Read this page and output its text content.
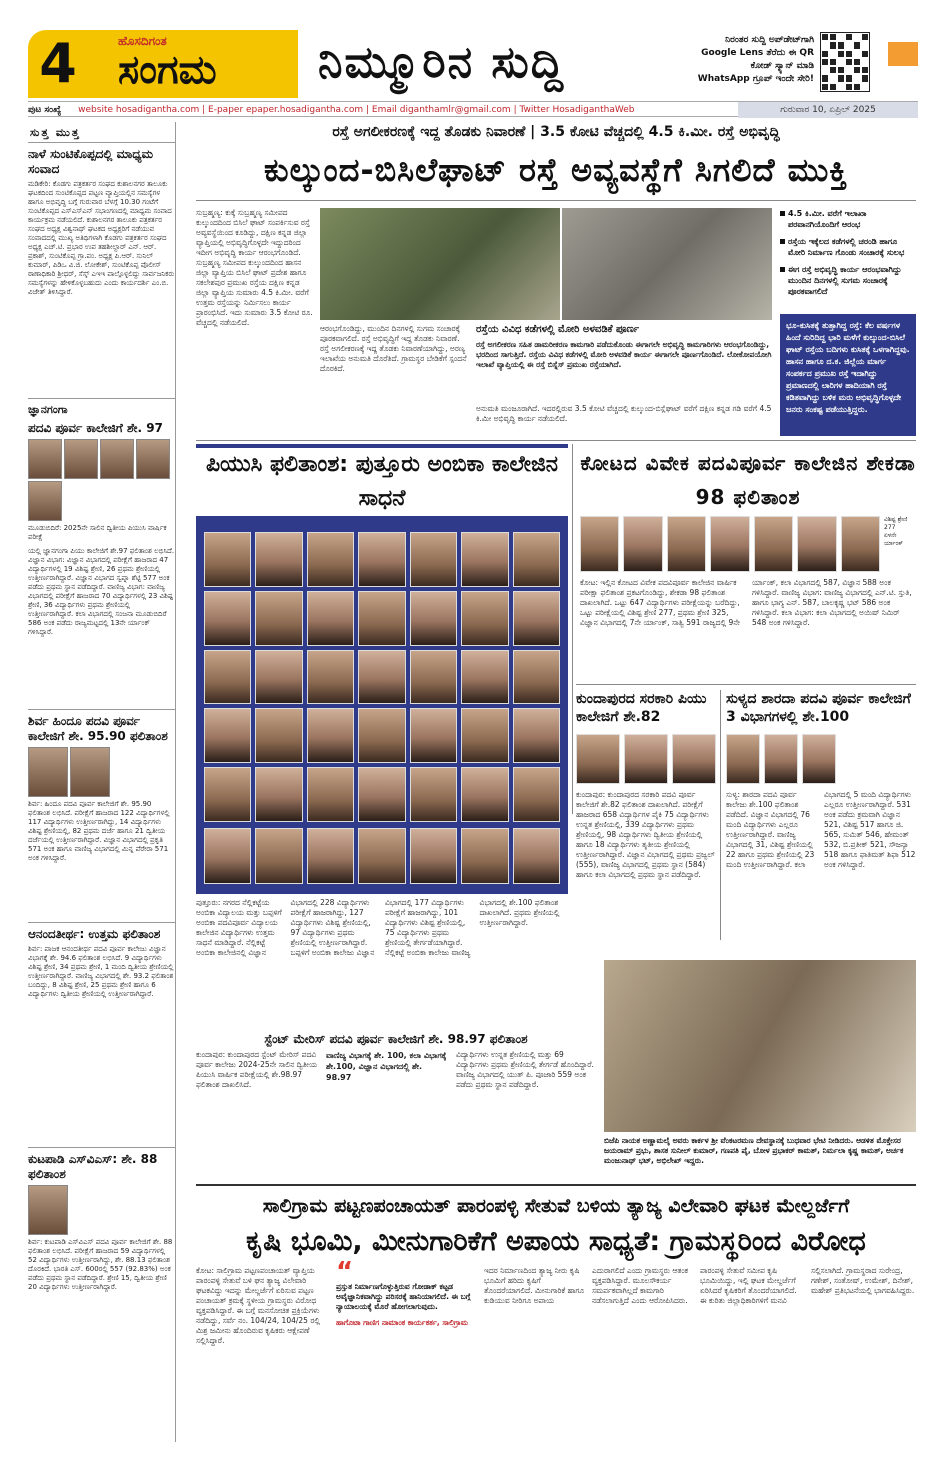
4	ಹೊಸದಿಗಂತ
ಸಂಗಮ ನಿಮ್ಮೂರಿನ ಸುದ್ದಿ	ನಿರಂತರ ಸುದ್ದಿ ಅಪ್‌ಡೇಟ್‌ಗಾಗಿ Google Lens ತೆರೆದು ಈ QR ಕೋಡ್ ಸ್ಕ್ಯಾನ್ ಮಾಡಿ WhatsApp ಗ್ರೂಪ್ ಇಂದೇ ಸೇರಿ!
ಪುಟ ಸಂಖ್ಯೆ website hosadigantha.com | E-paper epaper.hosadigantha.com | Email diganthamlr@gmail.com | Twitter HosadiganthaWeb	ಗುರುವಾರ 10, ಏಪ್ರಿಲ್ 2025
ಸುತ್ತ ಮುತ್ತ
ನಾಳೆ ಸುಂಟಿಕೊಪ್ಪದಲ್ಲಿ ಮಾಧ್ಯಮ ಸಂವಾದ
ಮಡಿಕೇರಿ: ಕೊಡಗು ಪತ್ರಕರ್ತರ ಸಂಘದ ಕುಶಾಲನಗರ ತಾಲೂಕು ಘಟಕದಿಂದ ಸುಂಟಿಕೊಪ್ಪದ ಪಟ್ಟಣ ವ್ಯಾಪ್ತಿಯಲ್ಲಿನ ಸಮಸ್ಯೆಗಳ ಹಾಗೂ ಅಭಿವೃದ್ಧಿ ಬಗ್ಗೆ ಗುರುವಾರ ಬೆಳಗ್ಗೆ 10.30 ಗಂಟೆಗೆ ಸುಂಟಿಕೊಪ್ಪದ ಎಸ್‌ಎಸ್‌ಎನ್ ಸಭಾಂಗಣದಲ್ಲಿ ಮಾಧ್ಯಮ ಸಂವಾದ ಕಾರ್ಯಕ್ರಮ ನಡೆಯಲಿದೆ. ಕುಶಾಲನಗರ ತಾಲೂಕು ಪತ್ರಕರ್ತರ ಸಂಘದ ಅಧ್ಯಕ್ಷ ವಿಶ್ವನಾಥ್ ಘಟಕದ ಅಧ್ಯಕ್ಷರಿಗೆ ನಡೆಯುವ ಸಂವಾದದಲ್ಲಿ ಮುಖ್ಯ ಅತಿಥಿಗಳಾಗಿ ಕೊಡಗು ಪತ್ರಕರ್ತರ ಸಂಘದ ಅಧ್ಯಕ್ಷ ಎಚ್.ಟಿ. ಪ್ರಭಾರ ಉಪ ತಹಶೀಲ್ದಾರ್ ಎನ್. ಆರ್. ಪ್ರಕಾಶ್, ಸುಂಟಿಕೊಪ್ಪ ಗ್ರಾ.ಪಂ. ಅಧ್ಯಕ್ಷ ಪಿ.ಆರ್. ಸುನಿಲ್ ಕುಮಾರ್, ಪಿಡಿಒ ವಿ.ಜಿ. ಲೋಕೇಶ್, ಸುಂಟಿಕೊಪ್ಪ ಪೊಲೀಸ್ ಠಾಣಾಧಿಕಾರಿ ಶ್ರೀಧರ್, ಸೆಸ್ಕ್ ಎಇಇ ಪಾಲ್ಗೊಳ್ಳಲಿದ್ದು ಸಾರ್ವಜನಿಕರು ಸಮಸ್ಯೆಗಳನ್ನು ಹೇಳಿಕೊಳ್ಳಬಹುದು ಎಂದು ಕಾರ್ಯದರ್ಶಿ ಎಂ.ಬಿ. ವಿಜೇತ್ ತಿಳಿಸಿದ್ದಾರೆ.
ಜ್ಞಾನಗಂಗಾ
ಪದವಿ ಪೂರ್ವ ಕಾಲೇಜಿಗೆ ಶೇ. 97
ಮೂಡುಬಿದಿರೆ: 2025ನೇ ಸಾಲಿನ ದ್ವಿತೀಯ ಪಿಯುಸಿ ವಾರ್ಷಿಕ ಪರೀಕ್ಷೆ
ಯಲ್ಲಿ ಜ್ಞಾನಗಂಗಾ ಪಿಯು ಕಾಲೇಜಿಗೆ ಶೇ.97 ಫಲಿತಾಂಶ ಲಭಿಸಿದೆ. ವಿಜ್ಞಾನ ವಿಭಾಗ: ವಿಜ್ಞಾನ ವಿಭಾಗದಲ್ಲಿ ಪರೀಕ್ಷೆಗೆ ಹಾಜರಾದ 47 ವಿದ್ಯಾರ್ಥಿಗಳಲ್ಲಿ 19 ವಿಶಿಷ್ಟ ಶ್ರೇಣಿ, 26 ಪ್ರಥಮ ಶ್ರೇಣಿಯಲ್ಲಿ ಉತ್ತೀರ್ಣರಾಗಿದ್ದಾರೆ. ವಿಜ್ಞಾನ ವಿಭಾಗದ ಸ್ವಪ್ನಾ ಶೆಟ್ಟಿ 577 ಅಂಕ ಪಡೆದು ಪ್ರಥಮ ಸ್ಥಾನ ಪಡೆದಿದ್ದಾರೆ. ವಾಣಿಜ್ಯ ವಿಭಾಗ: ವಾಣಿಜ್ಯ ವಿಭಾಗದಲ್ಲಿ ಪರೀಕ್ಷೆಗೆ ಹಾಜರಾದ 70 ವಿದ್ಯಾರ್ಥಿಗಳಲ್ಲಿ 23 ವಿಶಿಷ್ಟ ಶ್ರೇಣಿ, 36 ವಿದ್ಯಾರ್ಥಿಗಳು ಪ್ರಥಮ ಶ್ರೇಣಿಯಲ್ಲಿ ಉತ್ತೀರ್ಣರಾಗಿದ್ದಾರೆ. ಕಲಾ ವಿಭಾಗದಲ್ಲಿ ಸಂಜನಾ ಮೂಡುಬಿದಿರೆ 586 ಅಂಕ ಪಡೆದು ರಾಜ್ಯಮಟ್ಟದಲ್ಲಿ 13ನೇ ರ್ಯಾಂಕ್ ಗಳಿಸಿದ್ದಾರೆ.
ಶಿರ್ವ ಹಿಂದೂ ಪದವಿ ಪೂರ್ವ ಕಾಲೇಜಿಗೆ ಶೇ. 95.90 ಫಲಿತಾಂಶ
ಶಿರ್ವ: ಹಿಂದೂ ಪದವಿ ಪೂರ್ವ ಕಾಲೇಜಿಗೆ ಶೇ. 95.90 ಫಲಿತಾಂಶ ಲಭಿಸಿದೆ. ಪರೀಕ್ಷೆಗೆ ಹಾಜರಾದ 122 ವಿದ್ಯಾರ್ಥಿಗಳಲ್ಲಿ 117 ವಿದ್ಯಾರ್ಥಿಗಳು ಉತ್ತೀರ್ಣರಾಗಿದ್ದು, 14 ವಿದ್ಯಾರ್ಥಿಗಳು ವಿಶಿಷ್ಟ ಶ್ರೇಣಿಯಲ್ಲಿ, 82 ಪ್ರಥಮ ದರ್ಜೆ ಹಾಗೂ 21 ದ್ವಿತೀಯ ದರ್ಜೆಯಲ್ಲಿ ಉತ್ತೀರ್ಣರಾಗಿದ್ದಾರೆ. ವಿಜ್ಞಾನ ವಿಭಾಗದಲ್ಲಿ ಪ್ರಕೃತಿ 571 ಅಂಕ ಹಾಗೂ ವಾಣಿಜ್ಯ ವಿಭಾಗದಲ್ಲಿ ಮಿನ್ನ ಪೆರೇರಾ 571 ಅಂಕ ಗಳಿಸಿದ್ದಾರೆ.
ಆನಂದತೀರ್ಥ: ಉತ್ತಮ ಫಲಿತಾಂಶ
ಶಿರ್ವ: ಪಾಜಕ ಆನಂದತೀರ್ಥ ಪದವಿ ಪೂರ್ವ ಕಾಲೇಜು ವಿಜ್ಞಾನ ವಿಭಾಗಕ್ಕೆ ಶೇ. 94.6 ಫಲಿತಾಂಶ ಲಭಿಸಿದೆ. 9 ವಿದ್ಯಾರ್ಥಿಗಳು ವಿಶಿಷ್ಟ ಶ್ರೇಣಿ, 34 ಪ್ರಥಮ ಶ್ರೇಣಿ, 1 ಮಂದಿ ದ್ವಿತೀಯ ಶ್ರೇಣಿಯಲ್ಲಿ ಉತ್ತೀರ್ಣರಾಗಿದ್ದಾರೆ. ವಾಣಿಜ್ಯ ವಿಭಾಗದಲ್ಲಿ ಶೇ. 93.2 ಫಲಿತಾಂಶ ಬಂದಿದ್ದು, 8 ವಿಶಿಷ್ಟ ಶ್ರೇಣಿ, 25 ಪ್ರಥಮ ಶ್ರೇಣಿ ಹಾಗೂ 6 ವಿದ್ಯಾರ್ಥಿಗಳು ದ್ವಿತೀಯ ಶ್ರೇಣಿಯಲ್ಲಿ ಉತ್ತೀರ್ಣರಾಗಿದ್ದಾರೆ.
ಕುಟಪಾಡಿ ಎಸ್‌ವಿಎಸ್: ಶೇ. 88 ಫಲಿತಾಂಶ
ಶಿರ್ವ: ಕುಟಪಾಡಿ ಎಸ್‌ವಿಎಸ್ ಪದವಿ ಪೂರ್ವ ಕಾಲೇಜಿಗೆ ಶೇ. 88 ಫಲಿತಾಂಶ ಲಭಿಸಿದೆ. ಪರೀಕ್ಷೆಗೆ ಹಾಜರಾದ 59 ವಿದ್ಯಾರ್ಥಿಗಳಲ್ಲಿ 52 ವಿದ್ಯಾರ್ಥಿಗಳು ಉತ್ತೀರ್ಣರಾಗಿದ್ದು, ಶೇ. 88.13 ಫಲಿತಾಂಶ ದೊರಕಿದೆ. ಭಾರತಿ ಎಸ್. 600ರಲ್ಲಿ 557 (92.83%) ಅಂಕ ಪಡೆದು ಪ್ರಥಮ ಸ್ಥಾನ ಪಡೆದಿದ್ದಾರೆ. ಶ್ರೇಣಿ 15, ದ್ವಿತೀಯ ಶ್ರೇಣಿ 20 ವಿದ್ಯಾರ್ಥಿಗಳು ಉತ್ತೀರ್ಣರಾಗಿದ್ದಾರೆ.
ರಸ್ತೆ ಅಗಲೀಕರಣಕ್ಕೆ ಇದ್ದ ತೊಡಕು ನಿವಾರಣೆ | 3.5 ಕೋಟಿ ವೆಚ್ಚದಲ್ಲಿ 4.5 ಕಿ.ಮೀ. ರಸ್ತೆ ಅಭಿವೃದ್ಧಿ
ಕುಲ್ಕುಂದ-ಬಿಸಿಲೆಘಾಟ್ ರಸ್ತೆ ಅವ್ಯವಸ್ಥೆಗೆ ಸಿಗಲಿದೆ ಮುಕ್ತಿ
ಸುಬ್ರಹ್ಮಣ್ಯ: ಕುಕ್ಕೆ ಸುಬ್ರಹ್ಮಣ್ಯ ಸಮೀಪದ ಕುಲ್ಕುಂದದಿಂದ ಬಿಸಿಲೆ ಘಾಟ್ ಸಂಪರ್ಕಿಸುವ ರಸ್ತೆ ಅವ್ಯವಸ್ಥೆಯಿಂದ ಕೂಡಿದ್ದು, ದಕ್ಷಿಣ ಕನ್ನಡ ಜಿಲ್ಲಾ ವ್ಯಾಪ್ತಿಯಲ್ಲಿ ಅಭಿವೃದ್ಧಿಗೊಳ್ಳದೇ ಇದ್ದುದರಿಂದ ಇದೀಗ ಅಭಿವೃದ್ಧಿ ಕಾರ್ಯ ಆರಂಭಗೊಂಡಿದೆ. ಸುಬ್ರಹ್ಮಣ್ಯ ಸಮೀಪದ ಕುಲ್ಕುಂದದಿಂದ ಹಾಸನ ಜಿಲ್ಲಾ ವ್ಯಾಪ್ತಿಯ ಬಿಸಿಲೆ ಘಾಟ್ ಪ್ರದೇಶ ಹಾಗೂ ಸಕಲೇಶಪುರ ಪ್ರಮುಖ ರಸ್ತೆಯ ದಕ್ಷಿಣ ಕನ್ನಡ ಜಿಲ್ಲಾ ವ್ಯಾಪ್ತಿಯ ಸುಮಾರು 4.5 ಕಿ.ಮೀ. ವರೆಗೆ ಉತ್ತಮ ರಸ್ತೆಯನ್ನು ನಿರ್ಮಿಸಲು ಕಾರ್ಯ ಪ್ರಾರಂಭಿಸಿದೆ. ಇದು ಸುಮಾರು 3.5 ಕೋಟಿ ರೂ. ವೆಚ್ಚದಲ್ಲಿ ನಡೆಯಲಿದೆ.
ಆರಂಭಗೊಂಡಿದ್ದು, ಮುಂದಿನ ದಿನಗಳಲ್ಲಿ ಸುಗಮ ಸಂಚಾರಕ್ಕೆ ಪೂರಕವಾಗಲಿದೆ. ರಸ್ತೆ ಅಭಿವೃದ್ಧಿಗೆ ಇದ್ದ ತೊಡಕು ನಿವಾರಣೆ. ರಸ್ತೆ ಅಗಲೀಕರಣಕ್ಕೆ ಇದ್ದ ತೊಡಕು ನಿವಾರಣೆಯಾಗಿದ್ದು, ಅರಣ್ಯ ಇಲಾಖೆಯ ಅನುಮತಿ ದೊರೆತಿದೆ. ಗ್ರಾಮಸ್ಥರ ಬೇಡಿಕೆಗೆ ಸ್ಪಂದನೆ ದೊರಕಿದೆ.
ರಸ್ತೆಯ ವಿವಿಧ ಕಡೆಗಳಲ್ಲಿ ಮೋರಿ ಅಳವಡಿಕೆ ಪೂರ್ಣ
ರಸ್ತೆ ಅಗಲೀಕರಣ ಸಹಿತ ಡಾಮರೀಕರಣ ಕಾಮಗಾರಿ ಪಡೆದುಕೊಂಡು ಈಗಾಗಲೇ ಅಭಿವೃದ್ಧಿ ಕಾಮಗಾರಿಗಳು ಆರಂಭಗೊಂಡಿದ್ದು, ಭರದಿಂದ ಸಾಗುತ್ತಿದೆ. ರಸ್ತೆಯ ವಿವಿಧ ಕಡೆಗಳಲ್ಲಿ ಮೋರಿ ಅಳವಡಿಕೆ ಕಾರ್ಯ ಈಗಾಗಲೇ ಪೂರ್ಣಗೊಂಡಿದೆ. ಲೋಕೋಪಯೋಗಿ ಇಲಾಖೆ ವ್ಯಾಪ್ತಿಯಲ್ಲಿ ಈ ರಸ್ತೆ ಬಿಸ್ನೆಸ್ ಪ್ರಮುಖ ರಸ್ತೆಯಾಗಿದೆ.
ಅನುಮತಿ ಮಂಜೂರಾಗಿದೆ. ಇದರಲ್ಲಿರುವ 3.5 ಕೋಟಿ ವೆಚ್ಚದಲ್ಲಿ ಕುಲ್ಕುಂದ-ಬಿಸ್ಲೆಘಾಟ್ ವರೆಗೆ ದಕ್ಷಿಣ ಕನ್ನಡ ಗಡಿ ವರೆಗೆ 4.5 ಕಿ.ಮೀ ಅಭಿವೃದ್ಧಿ ಕಾರ್ಯ ನಡೆಯಲಿದೆ.
4.5 ಕಿ.ಮೀ. ವರೆಗೆ ಇಲಾಖಾ ಪರವಾನಗಿಯೊಂದಿಗೆ ಆರಂಭ
ರಸ್ತೆಯ ಇಕ್ಕೆಲದ ಕಡೆಗಳಲ್ಲಿ ಚರಂಡಿ ಹಾಗೂ ಮೋರಿ ನಿರ್ಮಾಣ ಗೊಂಡು ಸಂಚಾರಕ್ಕೆ ಸುಲಭ
ಈಗ ರಸ್ತೆ ಅಭಿವೃದ್ಧಿ ಕಾರ್ಯ ಆರಂಭವಾಗಿದ್ದು ಮುಂದಿನ ದಿನಗಳಲ್ಲಿ ಸುಗಮ ಸಂಚಾರಕ್ಕೆ ಪೂರಕವಾಗಲಿದೆ
ಭೂ-ಕುಸಿತಕ್ಕೆ ತುತ್ತಾಗಿದ್ದ ರಸ್ತೆ: ಕೆಲ ವರ್ಷಗಳ ಹಿಂದೆ ಸುರಿದಿದ್ದ ಭಾರಿ ಮಳೆಗೆ ಕುಲ್ಕುಂದ-ಬಿಸಿಲೆ ಘಾಟ್ ರಸ್ತೆಯ ಬದಿಗಳು ಕುಸಿತಕ್ಕೆ ಒಳಗಾಗಿದ್ದವು. ಹಾಸನ ಹಾಗೂ ದ.ಕ. ಜಿಲ್ಲೆಯ ಮಾರ್ಗ ಸಂಪರ್ಕದ ಪ್ರಮುಖ ರಸ್ತೆ ಇದಾಗಿದ್ದು ಪ್ರಮಾಣದಲ್ಲಿ ಲಾರಿಗಳ ಹಾದಿಯಾಗಿ ರಸ್ತೆ ಕಡಿತವಾಗಿದ್ದು ಬಳಿಕ ಮರು ಅಭಿವೃದ್ಧಿಗೊಳ್ಳದೇ ಜನರು ಸಂಕಷ್ಟ ಪಡೆಯುತ್ತಿದ್ದರು.
ಪಿಯುಸಿ ಫಲಿತಾಂಶ: ಪುತ್ತೂರು ಅಂಬಿಕಾ ಕಾಲೇಜಿನ ಸಾಧನೆ
ಪುತ್ತೂರು: ನಗರದ ನೆಲ್ಲಿಕಟ್ಟೆಯ ಅಂಬಿಕಾ ವಿದ್ಯಾಲಯ ಮತ್ತು ಬಪ್ಪಳಿಗೆ ಅಂಬಿಕಾ ಪದವಿಪೂರ್ವ ವಿದ್ಯಾಲಯ ಕಾಲೇಜಿನ ವಿದ್ಯಾರ್ಥಿಗಳು ಉತ್ತಮ ಸಾಧನೆ ಮಾಡಿದ್ದಾರೆ. ನೆಲ್ಲಿಕಟ್ಟೆ ಅಂಬಿಕಾ ಕಾಲೇಜಿನಲ್ಲಿ ವಿಜ್ಞಾನ ವಿಭಾಗದಲ್ಲಿ 228 ವಿದ್ಯಾರ್ಥಿಗಳು ಪರೀಕ್ಷೆಗೆ ಹಾಜರಾಗಿದ್ದು, 127 ವಿದ್ಯಾರ್ಥಿಗಳು ವಿಶಿಷ್ಟ ಶ್ರೇಣಿಯಲ್ಲಿ, 97 ವಿದ್ಯಾರ್ಥಿಗಳು ಪ್ರಥಮ ಶ್ರೇಣಿಯಲ್ಲಿ ಉತ್ತೀರ್ಣರಾಗಿದ್ದಾರೆ. ಬಪ್ಪಳಿಗೆ ಅಂಬಿಕಾ ಕಾಲೇಜು ವಿಜ್ಞಾನ ವಿಭಾಗದಲ್ಲಿ 177 ವಿದ್ಯಾರ್ಥಿಗಳು ಪರೀಕ್ಷೆಗೆ ಹಾಜರಾಗಿದ್ದು, 101 ವಿದ್ಯಾರ್ಥಿಗಳು ವಿಶಿಷ್ಟ ಶ್ರೇಣಿಯಲ್ಲಿ, 75 ವಿದ್ಯಾರ್ಥಿಗಳು ಪ್ರಥಮ ಶ್ರೇಣಿಯಲ್ಲಿ ತೇರ್ಗಡೆಯಾಗಿದ್ದಾರೆ. ನೆಲ್ಲಿಕಟ್ಟೆ ಅಂಬಿಕಾ ಕಾಲೇಜು ವಾಣಿಜ್ಯ ವಿಭಾಗದಲ್ಲಿ ಶೇ.100 ಫಲಿತಾಂಶ ದಾಖಲಾಗಿದೆ. ಪ್ರಥಮ ಶ್ರೇಣಿಯಲ್ಲಿ ಉತ್ತೀರ್ಣರಾಗಿದ್ದಾರೆ.
ಕೋಟದ ವಿವೇಕ ಪದವಿಪೂರ್ವ ಕಾಲೇಜಿನ ಶೇಕಡಾ 98 ಫಲಿತಾಂಶ
ವಿಶಿಷ್ಟ ಶ್ರೇಣಿ 277
ಏಳನೇ ರ್ಯಾಂಕ್
ಕೋಟ: ಇಲ್ಲಿನ ಕೋಟದ ವಿವೇಕ ಪದವಿಪೂರ್ವ ಕಾಲೇಜಿನ ವಾರ್ಷಿಕ ಪರೀಕ್ಷಾ ಫಲಿತಾಂಶ ಪ್ರಕಟಗೊಂಡಿದ್ದು, ಶೇಕಡಾ 98 ಫಲಿತಾಂಶ ದಾಖಲಾಗಿದೆ. ಒಟ್ಟು 647 ವಿದ್ಯಾರ್ಥಿಗಳು ಪರೀಕ್ಷೆಯನ್ನು ಬರೆದಿದ್ದು, ಒಟ್ಟು ಪರೀಕ್ಷೆಯಲ್ಲಿ ವಿಶಿಷ್ಟ ಶ್ರೇಣಿ 277, ಪ್ರಥಮ ಶ್ರೇಣಿ 325, ವಿಜ್ಞಾನ ವಿಭಾಗದಲ್ಲಿ 7ನೇ ರ್ಯಾಂಕ್, ಸಾತ್ವಿ 591 ರಾಜ್ಯದಲ್ಲಿ 9ನೇ ರ್ಯಾಂಕ್, ಕಲಾ ವಿಭಾಗದಲ್ಲಿ 587, ವಿಜ್ಞಾನ 588 ಅಂಕ ಗಳಿಸಿದ್ದಾರೆ. ವಾಣಿಜ್ಯ ವಿಭಾಗ: ವಾಣಿಜ್ಯ ವಿಭಾಗದಲ್ಲಿ ಎನ್.ಟಿ. ಸ್ತುತಿ, ಹಾಗೂ ಭಾಗ್ಯ ಎನ್. 587, ಬಾಲಕೃಷ್ಣ ಭಟ್ 586 ಅಂಕ ಗಳಿಸಿದ್ದಾರೆ. ಕಲಾ ವಿಭಾಗ: ಕಲಾ ವಿಭಾಗದಲ್ಲಿ ಅಯಿಷ್ ನಿಮಿರ್ 548 ಅಂಕ ಗಳಿಸಿದ್ದಾರೆ.
ಕುಂದಾಪುರದ ಸರಕಾರಿ ಪಿಯು ಕಾಲೇಜಿಗೆ ಶೇ.82
ಕುಂದಾಪುರ: ಕುಂದಾಪುರದ ಸರಕಾರಿ ಪದವಿ ಪೂರ್ವ ಕಾಲೇಜಿಗೆ ಶೇ.82 ಫಲಿತಾಂಶ ದಾಖಲಾಗಿದೆ. ಪರೀಕ್ಷೆಗೆ ಹಾಜರಾದ 658 ವಿದ್ಯಾರ್ಥಿಗಳ ಪೈಕಿ 75 ವಿದ್ಯಾರ್ಥಿಗಳು ಉನ್ನತ ಶ್ರೇಣಿಯಲ್ಲಿ, 339 ವಿದ್ಯಾರ್ಥಿಗಳು ಪ್ರಥಮ ಶ್ರೇಣಿಯಲ್ಲಿ, 98 ವಿದ್ಯಾರ್ಥಿಗಳು ದ್ವಿತೀಯ ಶ್ರೇಣಿಯಲ್ಲಿ ಹಾಗೂ 18 ವಿದ್ಯಾರ್ಥಿಗಳು ತೃತೀಯ ಶ್ರೇಣಿಯಲ್ಲಿ ಉತ್ತೀರ್ಣರಾಗಿದ್ದಾರೆ. ವಿಜ್ಞಾನ ವಿಭಾಗದಲ್ಲಿ ಪ್ರಥಮ ಪ್ರಜ್ವಲ್ (555), ವಾಣಿಜ್ಯ ವಿಭಾಗದಲ್ಲಿ ಪ್ರಥಮ ಸ್ಥಾನ (584) ಹಾಗೂ ಕಲಾ ವಿಭಾಗದಲ್ಲಿ ಪ್ರಥಮ ಸ್ಥಾನ ಪಡೆದಿದ್ದಾರೆ.
ಸುಳ್ಯದ ಶಾರದಾ ಪದವಿ ಪೂರ್ವ ಕಾಲೇಜಿಗೆ 3 ವಿಭಾಗಗಳಲ್ಲಿ ಶೇ.100
ಸುಳ್ಯ: ಶಾರದಾ ಪದವಿ ಪೂರ್ವ ಕಾಲೇಜು ಶೇ.100 ಫಲಿತಾಂಶ ಪಡೆದಿದೆ. ವಿಜ್ಞಾನ ವಿಭಾಗದಲ್ಲಿ 76 ಮಂದಿ ವಿದ್ಯಾರ್ಥಿಗಳು ಎಲ್ಲರೂ ಉತ್ತೀರ್ಣರಾಗಿದ್ದಾರೆ. ವಾಣಿಜ್ಯ ವಿಭಾಗದಲ್ಲಿ 31, ವಿಶಿಷ್ಟ ಶ್ರೇಣಿಯಲ್ಲಿ 22 ಹಾಗೂ ಪ್ರಥಮ ಶ್ರೇಣಿಯಲ್ಲಿ 23 ಮಂದಿ ಉತ್ತೀರ್ಣರಾಗಿದ್ದಾರೆ. ಕಲಾ ವಿಭಾಗದಲ್ಲಿ 5 ಮಂದಿ ವಿದ್ಯಾರ್ಥಿಗಳು ಎಲ್ಲರೂ ಉತ್ತೀರ್ಣರಾಗಿದ್ದಾರೆ. 531 ಅಂಕ ಪಡೆದು ಕ್ರಮವಾಗಿ ವಿಜ್ಞಾನ 521, ವಿಶಿಷ್ಟ 517 ಹಾಗೂ ಜಿ. 565, ಸುಮಿತ್ 546, ಹೇಮಂತ್ 532, ಬಿ.ಪ್ರತೀಕ್ 521, ಸೌಜನ್ಯಾ 518 ಹಾಗೂ ಫಾತಿಮತ್ ಶಿಫಾ 512 ಅಂಕ ಗಳಿಸಿದ್ದಾರೆ.
ಬಿಜೆಪಿ ನಾಯಕ ಅಣ್ಣಾಮಲೈ ಅವರು ಕಾರ್ಕಳ ಶ್ರೀ ವೆಂಕಟರಮಣ ದೇವಸ್ಥಾನಕ್ಕೆ ಬುಧವಾರ ಭೇಟಿ ನೀಡಿದರು. ಆಡಳಿತ ಮೊಕ್ತೇಸರ ಜಯರಾಮ್ ಪ್ರಭು, ಶಾಸಕ ಸುನೀಲ್ ಕುಮಾರ್, ಗಣಪತಿ ಪೈ, ಬೋಳ ಪ್ರಭಾಕರ್ ಕಾಮತ್, ನಿರ್ಮಲಾ ಕೃಷ್ಣ ಕಾಮತ್, ಅರ್ಚಕ ಮಂಜುನಾಥ್ ಭಟ್, ಅಭಿಲೇಖ್ ಇದ್ದರು.
ಸ್ಟೆಂಟ್ ಮೇರಿಸ್ ಪದವಿ ಪೂರ್ವ ಕಾಲೇಜಿಗೆ ಶೇ. 98.97 ಫಲಿತಾಂಶ
ಕುಂದಾಪುರ: ಕುಂದಾಪುರದ ಸ್ಟೆಂಟ್ ಮೇರಿಸ್ ಪದವಿ ಪೂರ್ವ ಕಾಲೇಜು 2024-25ನೇ ಸಾಲಿನ ದ್ವಿತೀಯ ಪಿಯುಸಿ ವಾರ್ಷಿಕ ಪರೀಕ್ಷೆಯಲ್ಲಿ ಶೇ.98.97 ಫಲಿತಾಂಶ ದಾಖಲಿಸಿದೆ.
ವಾಣಿಜ್ಯ ವಿಭಾಗಕ್ಕೆ ಶೇ. 100, ಕಲಾ ವಿಭಾಗಕ್ಕೆ ಶೇ.100, ವಿಜ್ಞಾನ ವಿಭಾಗದಲ್ಲಿ ಶೇ. 98.97
ವಿದ್ಯಾರ್ಥಿಗಳು ಉನ್ನತ ಶ್ರೇಣಿಯಲ್ಲಿ ಮತ್ತು 69 ವಿದ್ಯಾರ್ಥಿಗಳು ಪ್ರಥಮ ಶ್ರೇಣಿಯಲ್ಲಿ ತೇರ್ಗಡೆ ಹೊಂದಿದ್ದಾರೆ. ವಾಣಿಜ್ಯ ವಿಭಾಗದಲ್ಲಿ ಯುತ್ ಪಿ. ಪೂಜಾರಿ 559 ಅಂಕ ಪಡೆದು ಪ್ರಥಮ ಸ್ಥಾನ ಪಡೆದಿದ್ದಾರೆ.
ಸಾಲಿಗ್ರಾಮ ಪಟ್ಟಣಪಂಚಾಯತ್ ಪಾರಂಪಳ್ಳಿ ಸೇತುವೆ ಬಳಿಯ ತ್ಯಾಜ್ಯ ವಿಲೇವಾರಿ ಘಟಕ ಮೇಲ್ದರ್ಜೆಗೆ
ಕೃಷಿ ಭೂಮಿ, ಮೀನುಗಾರಿಕೆಗೆ ಅಪಾಯ ಸಾಧ್ಯತೆ: ಗ್ರಾಮಸ್ಥರಿಂದ ವಿರೋಧ
ಕೋಟ: ಸಾಲಿಗ್ರಾಮ ಪಟ್ಟಣಪಂಚಾಯತ್ ವ್ಯಾಪ್ತಿಯ ಪಾರಂಪಳ್ಳಿ ಸೇತುವೆ ಬಳಿ ಘನ ತ್ಯಾಜ್ಯ ವಿಲೇವಾರಿ ಘಟಕವಿದ್ದು ಇದನ್ನು ಮೇಲ್ದರ್ಜೆಗೆ ಏರಿಸುವ ಪಟ್ಟಣ ಪಂಚಾಯತ್ ಕ್ರಮಕ್ಕೆ ಸ್ಥಳೀಯ ಗ್ರಾಮಸ್ಥರು ವಿರೋಧ ವ್ಯಕ್ತಪಡಿಸಿದ್ದಾರೆ. ಈ ಬಗ್ಗೆ ಮನಸೋಚಿತ ಪ್ರಕ್ರಿಯೆಗಳು ನಡೆದಿದ್ದು, ಸರ್ವೆ ನಂ. 104/24, 104/25 ರಲ್ಲಿ ಮಿಶ್ರ ಜಮೀನು ಹೊಂದಿರುವ ಕೃಷಿಕರು ಆಕ್ಷೇಪಣೆ ಸಲ್ಲಿಸಿದ್ದಾರೆ.
“
ಪ್ರಸ್ತುತ ನಿರ್ಮಾಣಗೊಳ್ಳುತ್ತಿರುವ ಗೋಡಾಕ್ ಕಟ್ಟಡ ಅವೈಜ್ಞಾನಿಕವಾಗಿದ್ದು ಪರಿಸರಕ್ಕೆ ಹಾನಿಯಾಗಲಿದೆ. ಈ ಬಗ್ಗೆ ನ್ಯಾಯಾಲಯಕ್ಕೆ ಮೊರೆ ಹೋಗಲಾಗುವುದು.
ಹಾಗೊಟಾ ಗಾಣಿಗ ನಾಮಾಂಕ ಕಾರ್ಯಕರ್ತ, ಸಾಲಿಗ್ರಾಮ
ಇದರ ನಿರ್ಮಾಣದಿಂದ ತ್ಯಾಜ್ಯ ನೀರು ಕೃಷಿ ಭೂಮಿಗೆ ಹರಿದು ಕೃಷಿಗೆ ತೊಂದರೆಯಾಗಲಿದೆ. ಮೀನುಗಾರಿಕೆ ಹಾಗೂ ಕುಡಿಯುವ ನೀರಿಗೂ ಅಪಾಯ ಎದುರಾಗಲಿದೆ ಎಂದು ಗ್ರಾಮಸ್ಥರು ಆತಂಕ ವ್ಯಕ್ತಪಡಿಸಿದ್ದಾರೆ. ಮೂಲಸೌಕರ್ಯ ಸಮರ್ಪಕವಾಗಿಲ್ಲದೆ ಕಾಮಗಾರಿ ನಡೆಸಲಾಗುತ್ತಿದೆ ಎಂದು ಆರೋಪಿಸಿದರು.
ಪಾರಂಪಳ್ಳಿ ಸೇತುವೆ ಸಮೀಪ ಕೃಷಿ ಭೂಮಿಯಿದ್ದು, ಇಲ್ಲಿ ಘಟಕ ಮೇಲ್ದರ್ಜೆಗೆ ಏರಿಸಿದರೆ ಕೃಷಿಕರಿಗೆ ತೊಂದರೆಯಾಗಲಿದೆ. ಈ ಕುರಿತು ಜಿಲ್ಲಾಧಿಕಾರಿಗಳಿಗೆ ಮನವಿ ಸಲ್ಲಿಸಲಾಗಿದೆ. ಗ್ರಾಮಸ್ಥರಾದ ಸುರೇಂದ್ರ, ಗಣೇಶ್, ಸಂತೋಷ್, ಉಮೇಶ್, ದಿನೇಶ್, ಮಹೇಶ್ ಪ್ರತಿಭಟನೆಯಲ್ಲಿ ಭಾಗವಹಿಸಿದ್ದರು.
